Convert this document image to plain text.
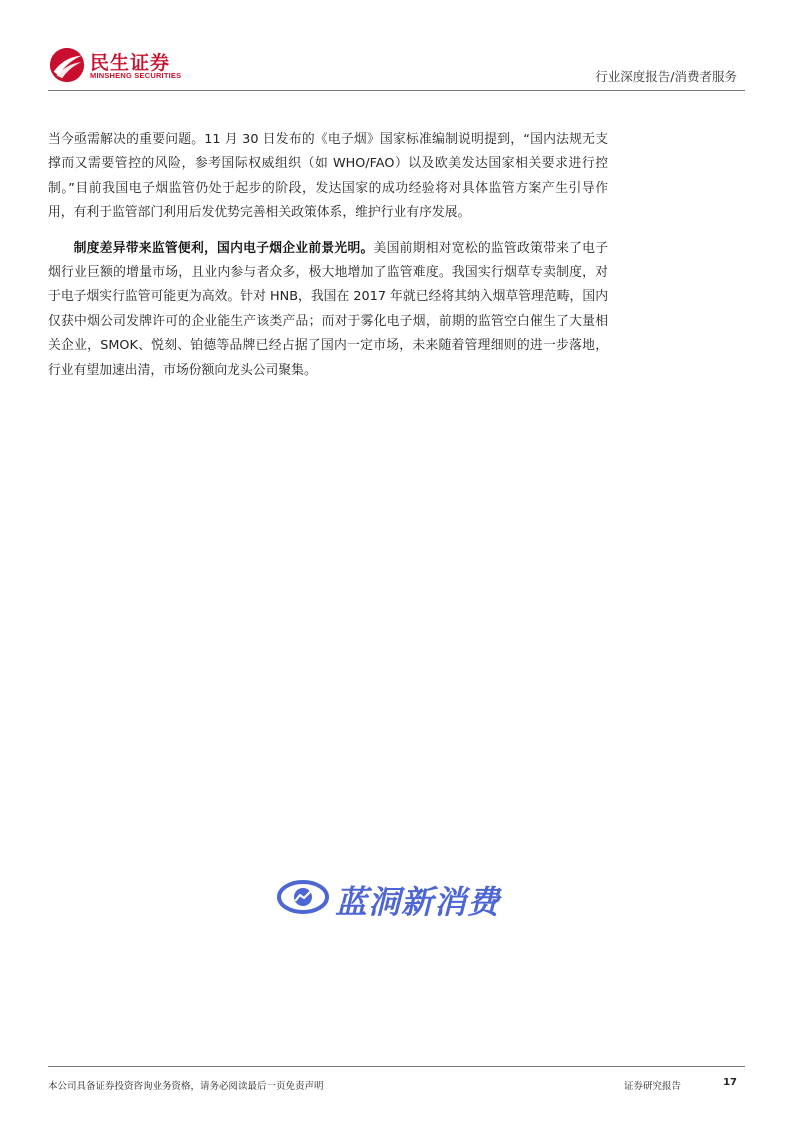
民生证券
MINSHENG SECURITIES	行业深度报告/消费者服务

当今亟需解决的重要问题。11 月 30 日发布的《电子烟》国家标准编制说明提到，“国内法规无支撑而又需要管控的风险，参考国际权威组织（如 WHO/FAO）以及欧美发达国家相关要求进行控制。”目前我国电子烟监管仍处于起步的阶段，发达国家的成功经验将对具体监管方案产生引导作用，有利于监管部门利用后发优势完善相关政策体系，维护行业有序发展。

制度差异带来监管便利，国内电子烟企业前景光明。美国前期相对宽松的监管政策带来了电子烟行业巨额的增量市场，且业内参与者众多，极大地增加了监管难度。我国实行烟草专卖制度，对于电子烟实行监管可能更为高效。针对 HNB，我国在 2017 年就已经将其纳入烟草管理范畴，国内仅获中烟公司发牌许可的企业能生产该类产品；而对于雾化电子烟，前期的监管空白催生了大量相关企业，SMOK、悦刻、铂德等品牌已经占据了国内一定市场，未来随着管理细则的进一步落地，行业有望加速出清，市场份额向龙头公司聚集。

蓝洞新消费
本公司具备证券投资咨询业务资格，请务必阅读最后一页免责声明	证券研究报告	17
